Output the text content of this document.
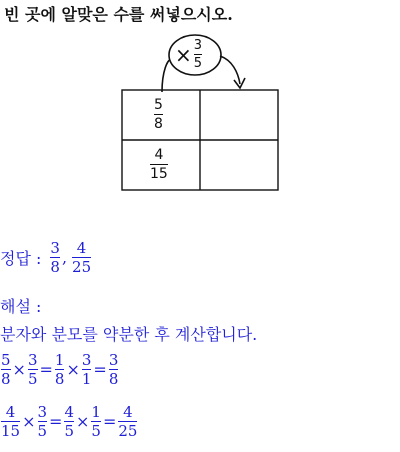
빈 곳에 알맞은 수를 써넣으시오.
× $\frac{3}{5}$
5
8
4
15
정답 : $\frac{3}{8}$ , $\frac{4}{25}$
해설 :
분자와 분모를 약분한 후 계산합니다.
$\frac{5}{8} \times \frac{3}{5} = \frac{1}{8} \times \frac{3}{1} = \frac{3}{8}$
$\frac{4}{15} \times \frac{3}{5} = \frac{4}{5} \times \frac{1}{5} = \frac{4}{25}$
